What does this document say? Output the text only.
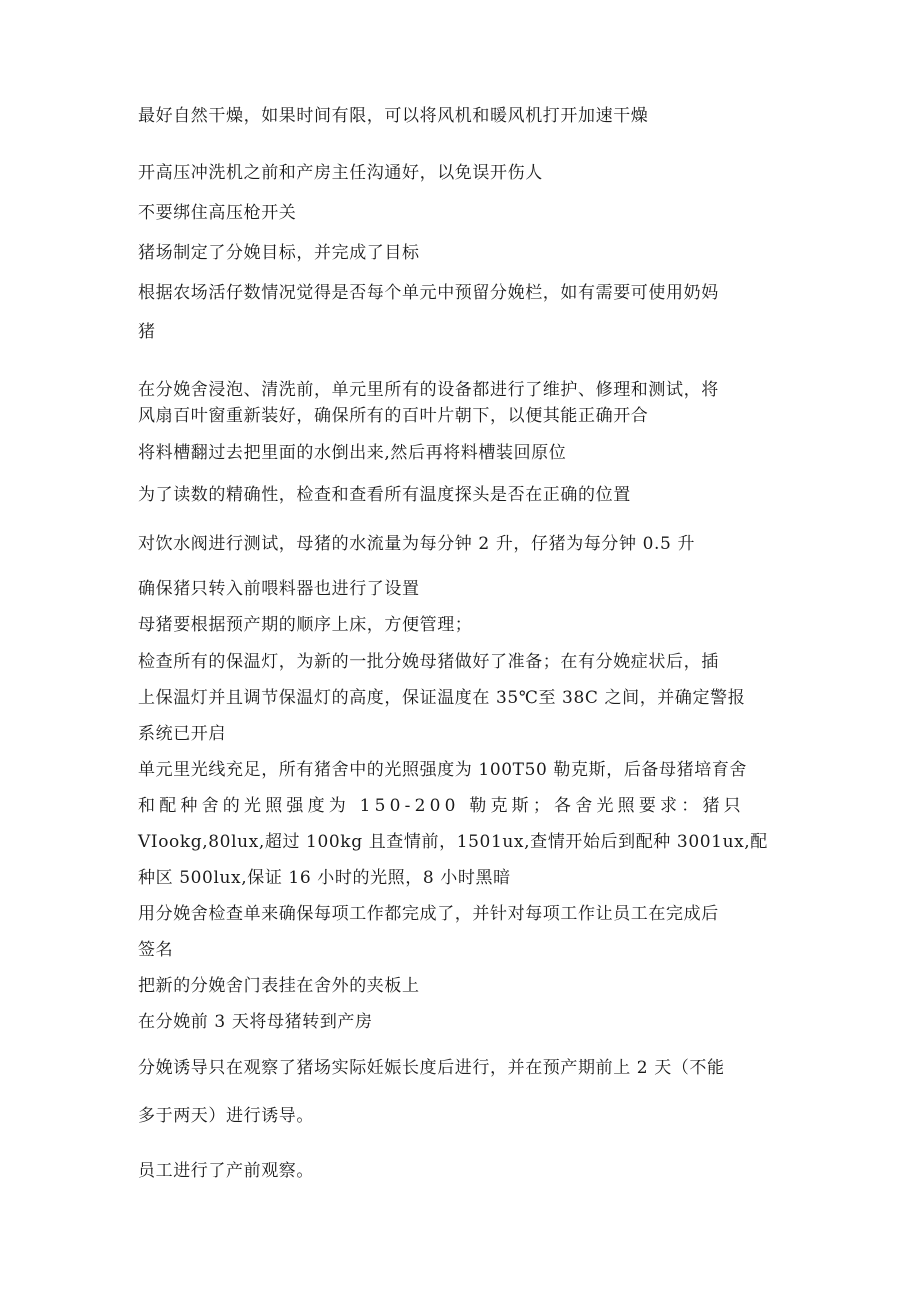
最好自然干燥，如果时间有限，可以将风机和暖风机打开加速干燥

开高压冲洗机之前和产房主任沟通好，以免误开伤人

不要绑住高压枪开关

猪场制定了分娩目标，并完成了目标

根据农场活仔数情况觉得是否每个单元中预留分娩栏，如有需要可使用奶妈

猪

在分娩舍浸泡、清洗前，单元里所有的设备都进行了维护、修理和测试，将

风扇百叶窗重新装好，确保所有的百叶片朝下，以便其能正确开合

将料槽翻过去把里面的水倒出来,然后再将料槽装回原位

为了读数的精确性，检查和查看所有温度探头是否在正确的位置

对饮水阀进行测试，母猪的水流量为每分钟 2 升，仔猪为每分钟 0.5 升

确保猪只转入前喂料器也进行了设置

母猪要根据预产期的顺序上床，方便管理；

检查所有的保温灯，为新的一批分娩母猪做好了准备；在有分娩症状后，插

上保温灯并且调节保温灯的高度，保证温度在 35℃至 38C 之间，并确定警报

系统已开启

单元里光线充足，所有猪舍中的光照强度为 100T50 勒克斯，后备母猪培育舍

和配种舍的光照强度为 150-200 勒克斯；各舍光照要求：猪只

VIookg,80lux,超过 100kg 且查情前，1501ux,查情开始后到配种 3001ux,配

种区 500lux,保证 16 小时的光照，8 小时黑暗

用分娩舍检查单来确保每项工作都完成了，并针对每项工作让员工在完成后

签名

把新的分娩舍门表挂在舍外的夹板上

在分娩前 3 天将母猪转到产房

分娩诱导只在观察了猪场实际妊娠长度后进行，并在预产期前上 2 天（不能

多于两天）进行诱导。

员工进行了产前观察。
